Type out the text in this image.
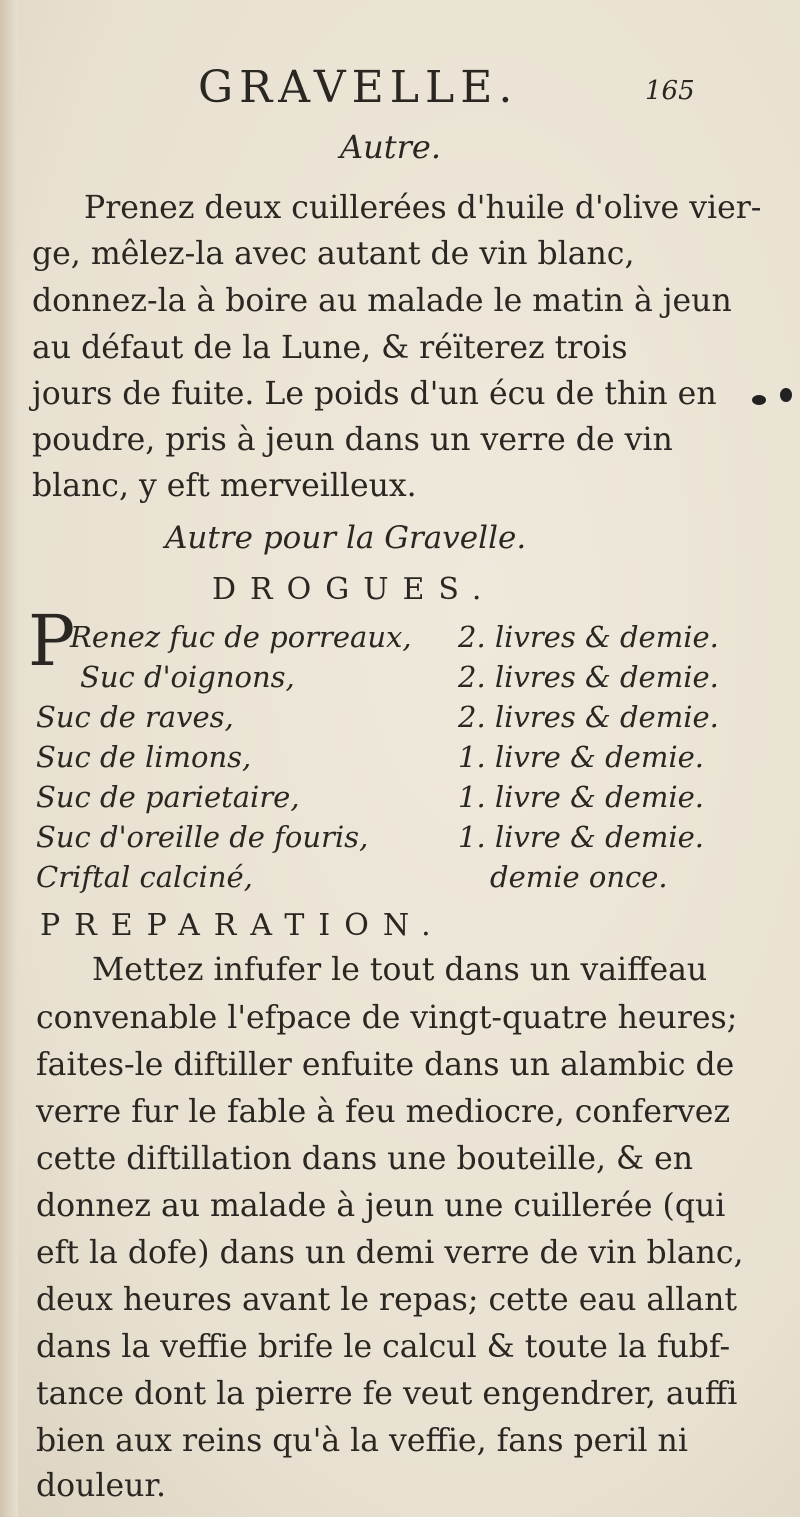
GRAVELLE.	165
Autre.
Prenez deux cuillerées d'huile d'olive vier-
ge, mêlez-la avec autant de vin blanc,
donnez-la à boire au malade le matin à jeun
au défaut de la Lune, & réïterez trois
jours de fuite. Le poids d'un écu de thin en
poudre, pris à jeun dans un verre de vin
blanc, y eft merveilleux.
Autre pour la Gravelle.
DROGUES.
P
Renez fuc de porreaux, 2. livres & demie.
Suc d'oignons,	2. livres & demie.
Suc de raves,	2. livres & demie.
Suc de limons,	1. livre & demie.
Suc de parietaire,	1. livre & demie.
Suc d'oreille de fouris,	1. livre & demie.
Criftal calciné,	demie once.
PREPARATION.
Mettez infufer le tout dans un vaiffeau
convenable l'efpace de vingt-quatre heures;
faites-le diftiller enfuite dans un alambic de
verre fur le fable à feu mediocre, confervez
cette diftillation dans une bouteille, & en
donnez au malade à jeun une cuillerée (qui
eft la dofe) dans un demi verre de vin blanc,
deux heures avant le repas; cette eau allant
dans la veffie brife le calcul & toute la fubf-
tance dont la pierre fe veut engendrer, auffi
bien aux reins qu'à la veffie, fans peril ni
douleur.
